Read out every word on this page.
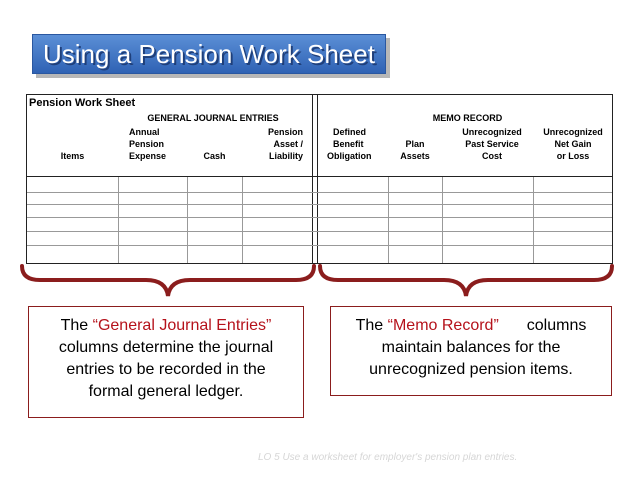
Using a Pension Work Sheet
Pension Work Sheet
GENERAL JOURNAL ENTRIES	MEMO RECORD
Items
Annual
Pension
Expense	Cash
Pension
Asset /
Liability
Defined
Benefit
Obligation
Plan
Assets
Unrecognized
Past Service
Cost
Unrecognized
Net Gain
or Loss
The “General Journal Entries”
columns determine the journal entries to be recorded in the formal general ledger.
The “Memo Record” columns
maintain balances for the unrecognized pension items.
LO 5 Use a worksheet for employer's pension plan entries.
